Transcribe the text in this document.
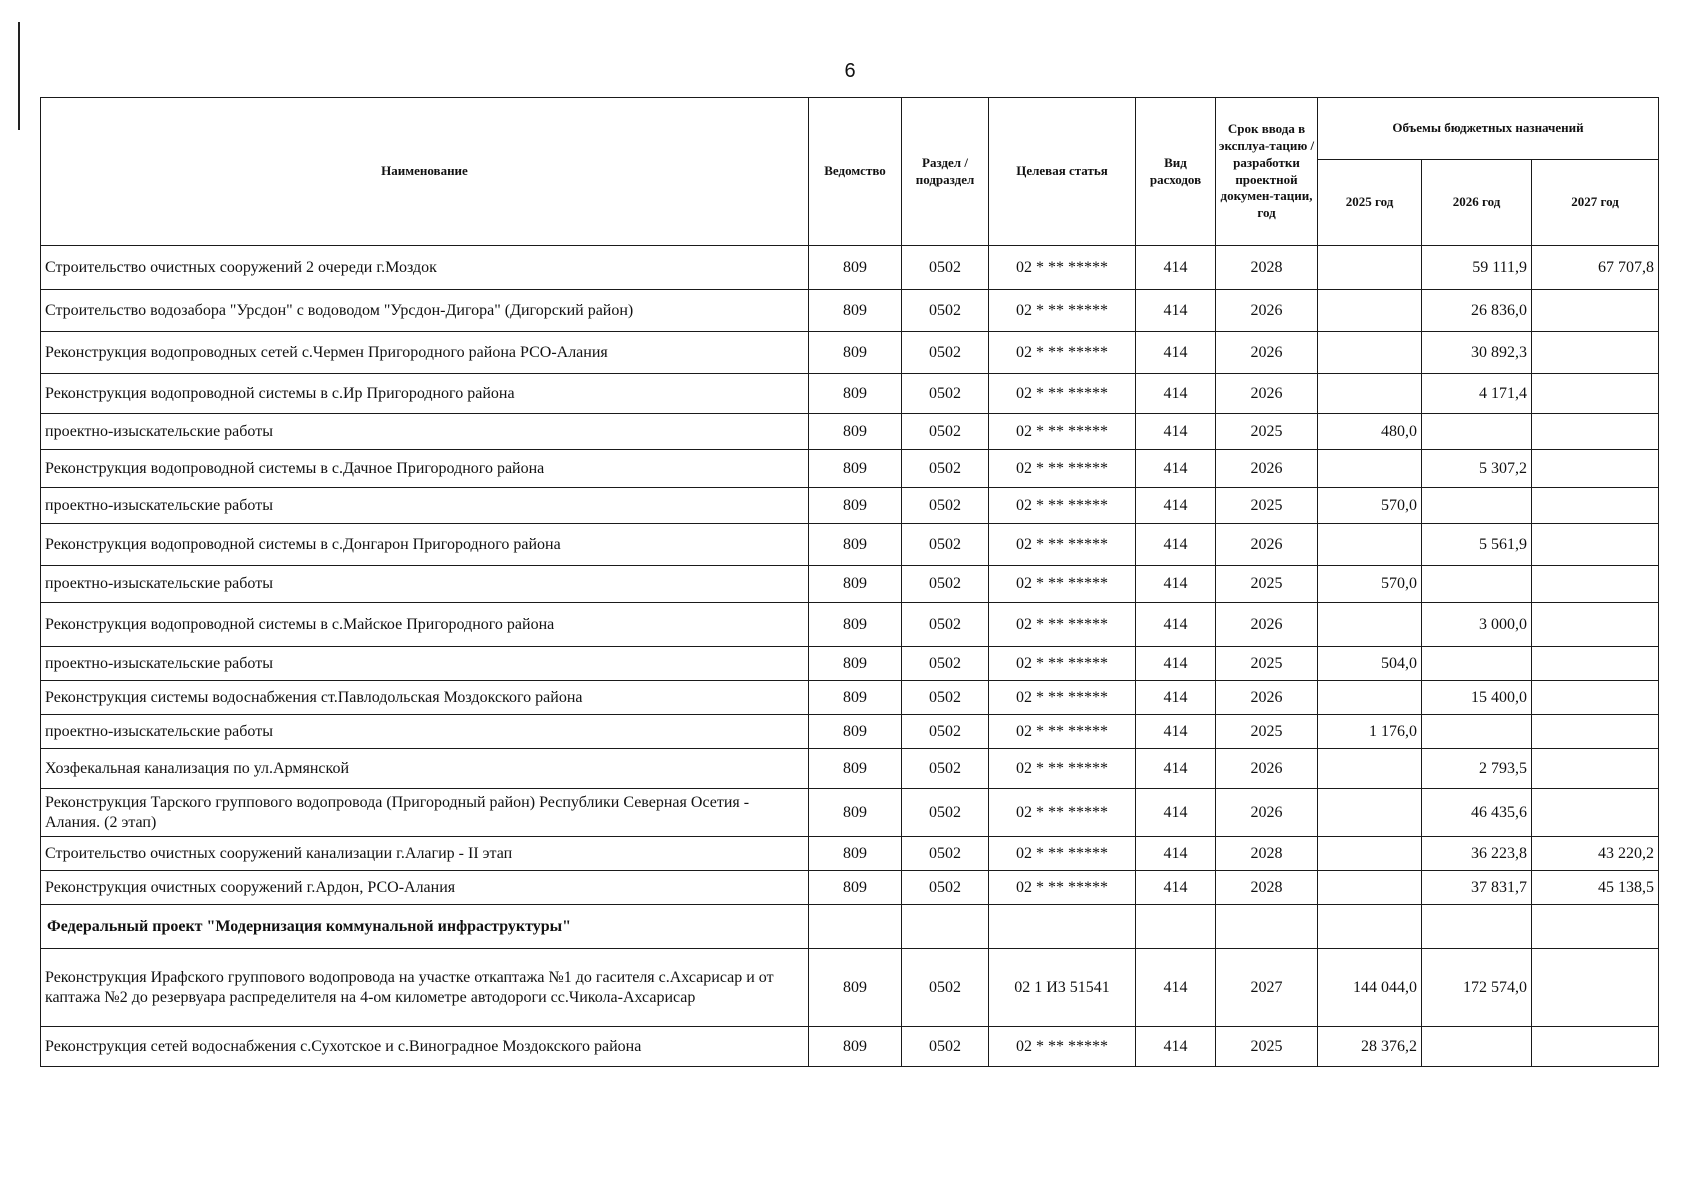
6
Наименование	Ведомство	Раздел / подраздел	Целевая статья	Вид расходов	Срок ввода в эксплуа-тацию / разработки проектной докумен-тации, год	Объемы бюджетных назначений		
						2025 год	2026 год	2027 год
Строительство очистных сооружений 2 очереди г.Моздок	809	0502	02 * ** *****	414	2028		59 111,9	67 707,8
Строительство водозабора "Урсдон" с водоводом "Урсдон-Дигора" (Дигорский район)	809	0502	02 * ** *****	414	2026		26 836,0	
Реконструкция водопроводных сетей с.Чермен Пригородного района РСО-Алания	809	0502	02 * ** *****	414	2026		30 892,3	
Реконструкция водопроводной системы в с.Ир Пригородного района	809	0502	02 * ** *****	414	2026		4 171,4	
проектно-изыскательские работы	809	0502	02 * ** *****	414	2025	480,0		
Реконструкция водопроводной системы в с.Дачное Пригородного района	809	0502	02 * ** *****	414	2026		5 307,2	
проектно-изыскательские работы	809	0502	02 * ** *****	414	2025	570,0		
Реконструкция водопроводной системы в с.Донгарон Пригородного района	809	0502	02 * ** *****	414	2026		5 561,9	
проектно-изыскательские работы	809	0502	02 * ** *****	414	2025	570,0		
Реконструкция водопроводной системы в с.Майское Пригородного района	809	0502	02 * ** *****	414	2026		3 000,0	
проектно-изыскательские работы	809	0502	02 * ** *****	414	2025	504,0		
Реконструкция системы водоснабжения ст.Павлодольская Моздокского района	809	0502	02 * ** *****	414	2026		15 400,0	
проектно-изыскательские работы	809	0502	02 * ** *****	414	2025	1 176,0		
Хозфекальная канализация по ул.Армянской	809	0502	02 * ** *****	414	2026		2 793,5	
Реконструкция Тарского группового водопровода (Пригородный район) Республики Северная Осетия - Алания. (2 этап)	809	0502	02 * ** *****	414	2026		46 435,6	
Строительство очистных сооружений канализации г.Алагир - II этап	809	0502	02 * ** *****	414	2028		36 223,8	43 220,2
Реконструкция очистных сооружений г.Ардон, РСО-Алания	809	0502	02 * ** *****	414	2028		37 831,7	45 138,5
Федеральный проект "Модернизация коммунальной инфраструктуры"								
Реконструкция Ирафского группового водопровода на участке откаптажа №1 до гасителя с.Ахсарисар и от каптажа №2 до резервуара распределителя на 4-ом километре автодороги сс.Чикола-Ахсарисар	809	0502	02 1 И3 51541	414	2027	144 044,0	172 574,0	
Реконструкция сетей водоснабжения с.Сухотское и с.Виноградное Моздокского района	809	0502	02 * ** *****	414	2025	28 376,2		
